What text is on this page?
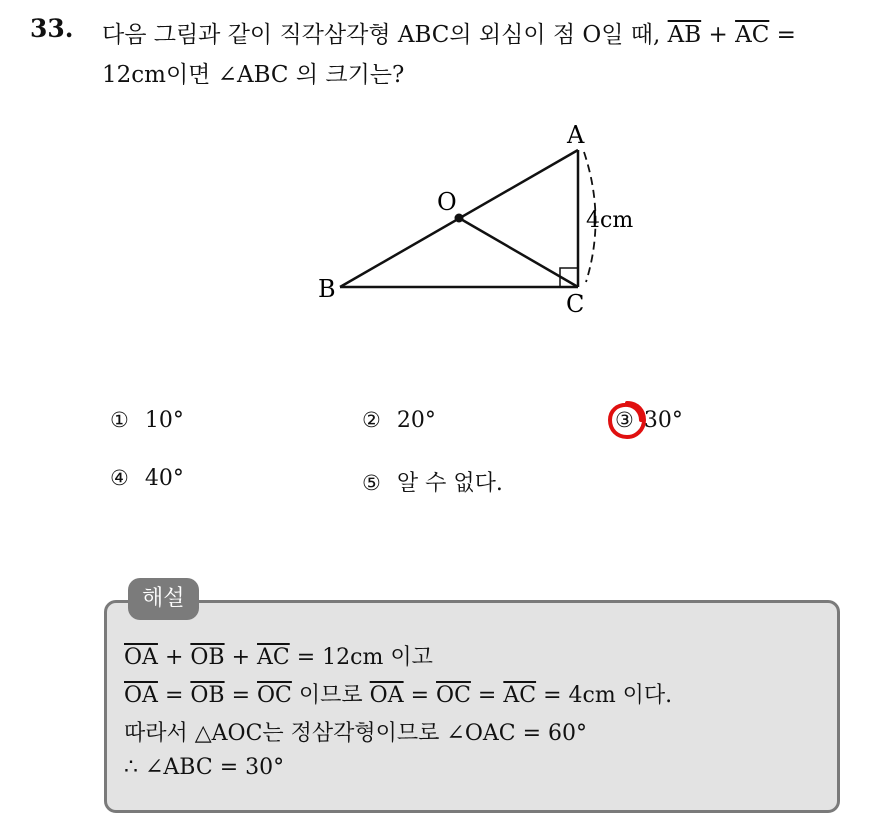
33. 다음 그림과 같이 직각삼각형 ABC의 외심이 점 O일 때, $\overline{AB} + \overline{AC}$ =
12cm이면 ∠ABC 의 크기는?
A
B
C
O
4cm
① 10°	② 20°	③ 30°
④ 40°	⑤ 알 수 없다.
해설
$\overline{OA} + \overline{OB} + \overline{AC} = 12cm$ 이고
$\overline{OA} = \overline{OB} = \overline{OC}$ 이므로 $\overline{OA} = \overline{OC} = \overline{AC} = 4cm$ 이다.
따라서 △AOC는 정삼각형이므로 ∠OAC = 60°
∴ ∠ABC = 30°
